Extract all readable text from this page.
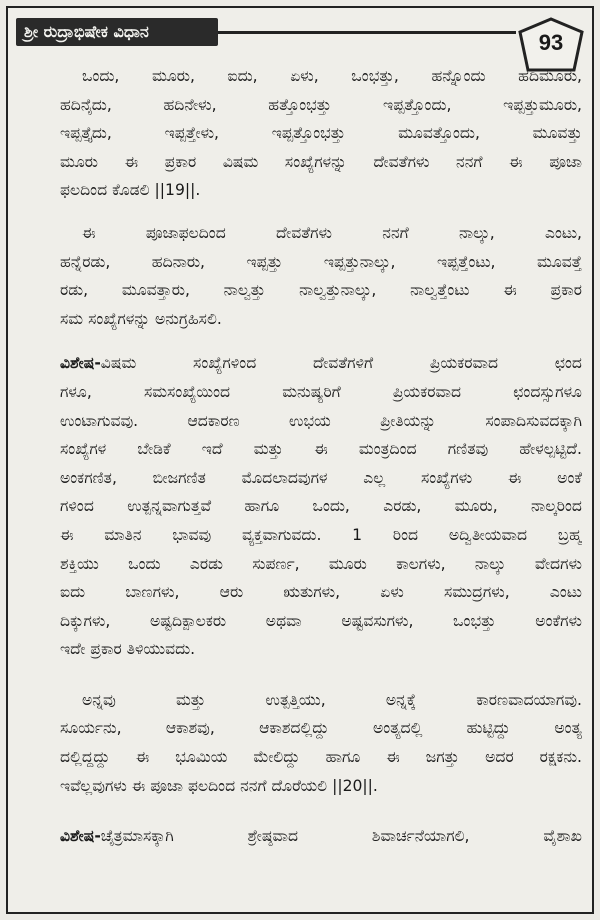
ಶ್ರೀ ರುದ್ರಾಭಿಷೇಕ ವಿಧಾನ	93
ಒಂದು, ಮೂರು, ಐದು, ಏಳು, ಒಂಭತ್ತು, ಹನ್ನೊಂದು ಹದಿಮೂರು,
ಹದಿನೈದು, ಹದಿನೇಳು, ಹತ್ತೊಂಭತ್ತು ಇಪ್ಪತ್ತೊಂದು, ಇಪ್ಪತ್ತುಮೂರು,
ಇಪ್ಪತ್ತೈದು, ಇಪ್ಪತ್ತೇಳು, ಇಪ್ಪತ್ತೊಂಭತ್ತು ಮೂವತ್ತೊಂದು, ಮೂವತ್ತು
ಮೂರು ಈ ಪ್ರಕಾರ ವಿಷಮ ಸಂಖ್ಯೆಗಳನ್ನು ದೇವತೆಗಳು ನನಗೆ ಈ ಪೂಜಾ
ಫಲದಿಂದ ಕೊಡಲಿ ||19||.
ಈ ಪೂಜಾಫಲದಿಂದ ದೇವತೆಗಳು ನನಗೆ ನಾಲ್ಕು, ಎಂಟು,
ಹನ್ನೆರಡು, ಹದಿನಾರು, ಇಪ್ಪತ್ತು ಇಪ್ಪತ್ತುನಾಲ್ಕು, ಇಪ್ಪತ್ತೆಂಟು, ಮೂವತ್ತೆ
ರಡು, ಮೂವತ್ತಾರು, ನಾಲ್ವತ್ತು ನಾಲ್ವತ್ತುನಾಲ್ಕು, ನಾಲ್ವತ್ತೆಂಟು ಈ ಪ್ರಕಾರ
ಸಮ ಸಂಖ್ಯೆಗಳನ್ನು ಅನುಗ್ರಹಿಸಲಿ.
ವಿಶೇಷ-ವಿಷಮ ಸಂಖ್ಯೆಗಳಿಂದ ದೇವತೆಗಳಿಗೆ ಪ್ರಿಯಕರವಾದ ಛಂದ
ಗಳೂ, ಸಮಸಂಖ್ಯೆಯಿಂದ ಮನುಷ್ಯರಿಗೆ ಪ್ರಿಯಕರವಾದ ಛಂದಸ್ಸುಗಳೂ
ಉಂಟಾಗುವವು. ಆದಕಾರಣ ಉಭಯ ಪ್ರೀತಿಯನ್ನು ಸಂಪಾದಿಸುವದಕ್ಕಾಗಿ
ಸಂಖ್ಯೆಗಳ ಬೇಡಿಕೆ ಇದೆ ಮತ್ತು ಈ ಮಂತ್ರದಿಂದ ಗಣಿತವು ಹೇಳಲ್ಪಟ್ಟಿದೆ.
ಅಂಕಗಣಿತ, ಬೀಜಗಣಿತ ಮೊದಲಾದವುಗಳ ಎಲ್ಲ ಸಂಖ್ಯೆಗಳು ಈ ಅಂಕೆ
ಗಳಿಂದ ಉತ್ಪನ್ನವಾಗುತ್ತವೆ ಹಾಗೂ ಒಂದು, ಎರಡು, ಮೂರು, ನಾಲ್ಕರಿಂದ
ಈ ಮಾತಿನ ಭಾವವು ವ್ಯಕ್ತವಾಗುವದು. 1 ರಿಂದ ಅದ್ವಿತೀಯವಾದ ಬ್ರಹ್ಮ
ಶಕ್ತಿಯು ಒಂದು ಎರಡು ಸುಪರ್ಣ, ಮೂರು ಕಾಲಗಳು, ನಾಲ್ಕು ವೇದಗಳು
ಐದು ಬಾಣಗಳು, ಆರು ಋತುಗಳು, ಏಳು ಸಮುದ್ರಗಳು, ಎಂಟು
ದಿಕ್ಕುಗಳು, ಅಷ್ಟದಿಕ್ಪಾಲಕರು ಅಥವಾ ಅಷ್ಟವಸುಗಳು, ಒಂಭತ್ತು ಅಂಕೆಗಳು
ಇದೇ ಪ್ರಕಾರ ತಿಳಿಯುವದು.
ಅನ್ನವು ಮತ್ತು ಉತ್ಪತ್ತಿಯು, ಅನ್ನಕ್ಕೆ ಕಾರಣವಾದಯಾಗವು.
ಸೂರ್ಯನು, ಆಕಾಶವು, ಆಕಾಶದಲ್ಲಿದ್ದು ಅಂತ್ಯದಲ್ಲಿ ಹುಟ್ಟಿದ್ದು ಅಂತ್ಯ
ದಲ್ಲಿದ್ದದ್ದು ಈ ಭೂಮಿಯ ಮೇಲಿದ್ದು ಹಾಗೂ ಈ ಜಗತ್ತು ಅದರ ರಕ್ಷಕನು.
ಇವೆಲ್ಲವುಗಳು ಈ ಪೂಜಾ ಫಲದಿಂದ ನನಗೆ ದೊರೆಯಲಿ ||20||.
ವಿಶೇಷ-ಚೈತ್ರಮಾಸಕ್ಕಾಗಿ ಶ್ರೇಷ್ಠವಾದ ಶಿವಾರ್ಚನೆಯಾಗಲಿ, ವೈಶಾಖ
